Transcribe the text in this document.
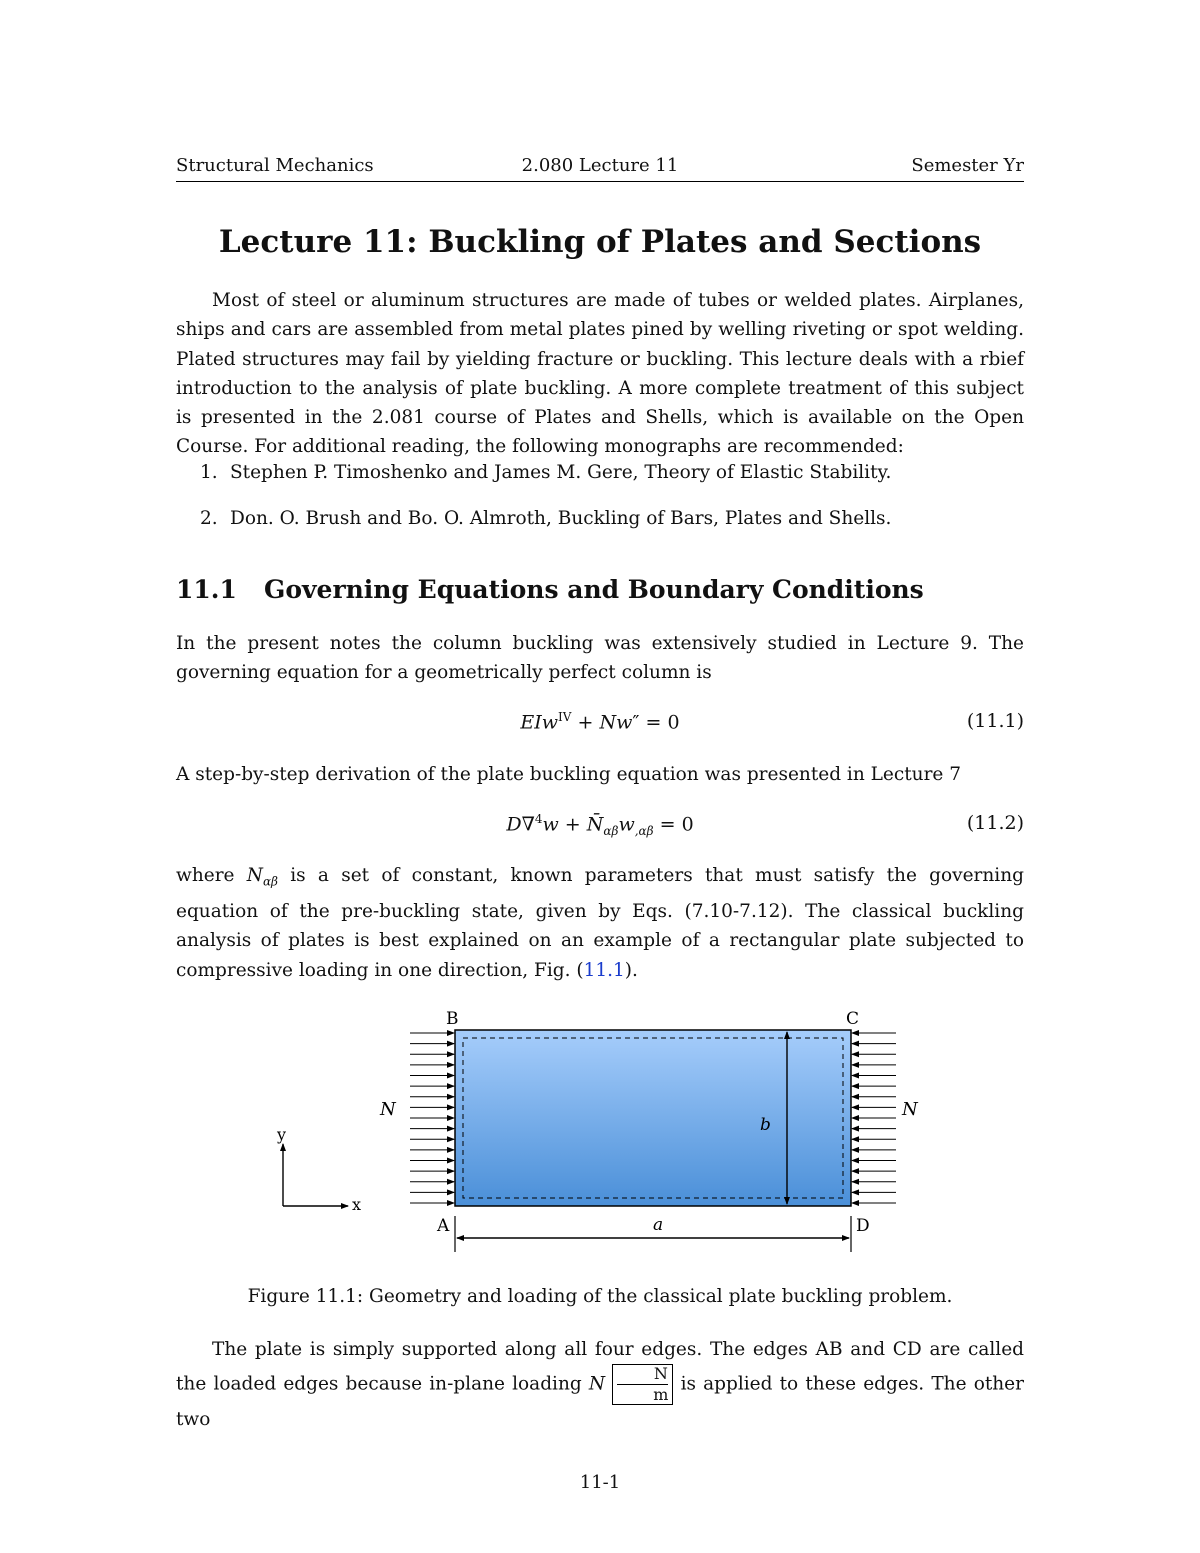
Structural Mechanics	2.080 Lecture 11	Semester Yr
Lecture 11: Buckling of Plates and Sections
Most of steel or aluminum structures are made of tubes or welded plates. Airplanes, ships and cars are assembled from metal plates pined by welling riveting or spot welding. Plated structures may fail by yielding fracture or buckling. This lecture deals with a rbief introduction to the analysis of plate buckling. A more complete treatment of this subject is presented in the 2.081 course of Plates and Shells, which is available on the Open Course. For additional reading, the following monographs are recommended:
1. Stephen P. Timoshenko and James M. Gere, Theory of Elastic Stability.
2. Don. O. Brush and Bo. O. Almroth, Buckling of Bars, Plates and Shells.
11.1 Governing Equations and Boundary Conditions
In the present notes the column buckling was extensively studied in Lecture 9. The governing equation for a geometrically perfect column is
EIw$^{IV}$ + Nw″ = 0	(11.1)
A step-by-step derivation of the plate buckling equation was presented in Lecture 7
$D\nabla^4w + N̄_{\alpha\beta}w_{,\alpha\beta} = 0$	(11.2)
where $N_{\alpha\beta}$ is a set of constant, known parameters that must satisfy the governing equation of the pre-buckling state, given by Eqs. (7.10-7.12). The classical buckling analysis of plates is best explained on an example of a rectangular plate subjected to compressive loading in one direction, Fig. (11.1).
B	C
A	D
N	N
b
a
x
y
Figure 11.1: Geometry and loading of the classical plate buckling problem.
The plate is simply supported along all four edges. The edges AB and CD are called the loaded edges because in-plane loading N $\frac{N}{m}$ is applied to these edges. The other two
11-1
